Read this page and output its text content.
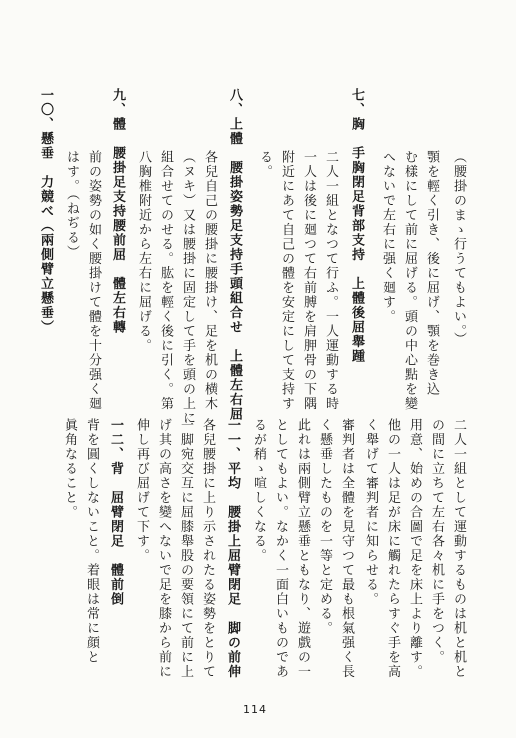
（腰掛のまゝ行うてもよい。）
顎を輕く引き、後に屈げ、顎を巻き込
む樣にして前に屈げる。頭の中心點を變
へないで左右に强く廻す。
七、胸　手胸閉足背部支持　上體後屈舉踵
二人一組となつて行ふ。一人運動する時
一人は後に廻つて右前膊を肩胛骨の下隅
附近にあて自己の體を安定にして支持す
る。
八、上體　腰掛姿勢足支持手頭組合せ　上體左右屈
各兒自己の腰掛に腰掛け、足を机の横木
（ヌキ）又は腰掛に固定して手を頭の上に
組合せてのせる。肱を輕く後に引く。第
八胸椎附近から左右に屈げる。
九、體　腰掛足支持腰前屈　體左右轉
前の姿勢の如く腰掛けて體を十分强く廻
はす。（ねぢる）
一〇、懸垂　力競べ（兩側臂立懸垂）
二人一組として運動するものは机と机と
の間に立ちて左右各々机に手をつく。
用意、始めの合圖で足を床上より離す。
他の一人は足が床に觸れたらすぐ手を高
く舉げて審判者に知らせる。
審判者は全體を見守つて最も根氣强く長
く懸垂したものを一等と定める。
此れは兩側臂立懸垂ともなり、遊戲の一
としてもよい。なかく一面白いものであ
るが稍ゝ喧しくなる。
一一、平均　腰掛上屈臂閉足　脚の前伸
各兒腰掛に上り示されたる姿勢をとりて
一脚宛交互に屈膝舉股の要領にて前に上
げ其の高さを變へないで足を膝から前に
伸し再び屈げて下す。
一二、背　屈臂閉足　體前倒
背を圓くしないこと。着眼は常に顔と
眞角なること。
114
